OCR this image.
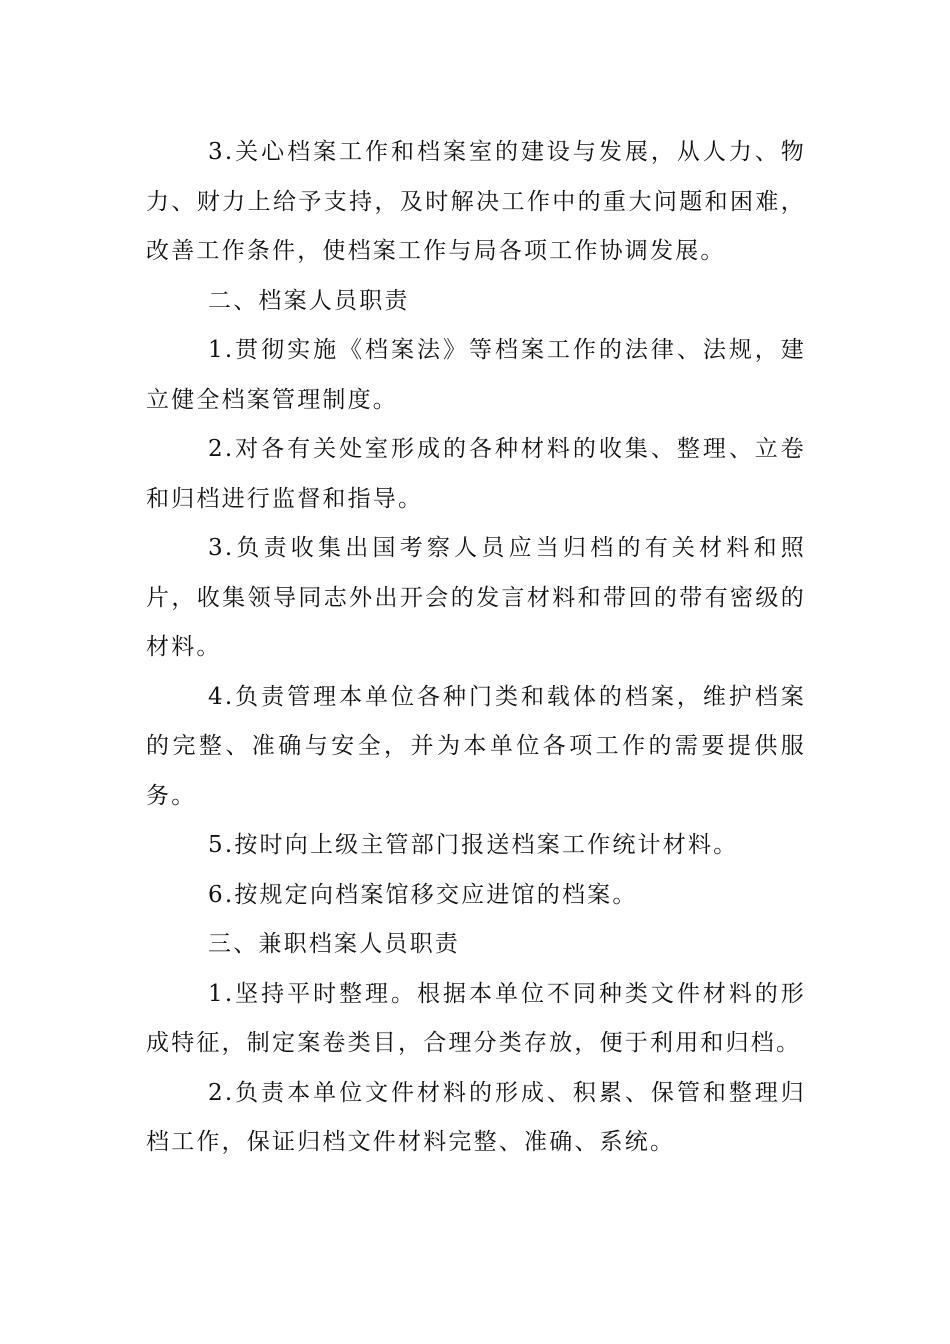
3.关心档案工作和档案室的建设与发展，从人力、物力、财力上给予支持，及时解决工作中的重大问题和困难，改善工作条件，使档案工作与局各项工作协调发展。

二、档案人员职责

1.贯彻实施《档案法》等档案工作的法律、法规，建立健全档案管理制度。

2.对各有关处室形成的各种材料的收集、整理、立卷和归档进行监督和指导。

3.负责收集出国考察人员应当归档的有关材料和照片，收集领导同志外出开会的发言材料和带回的带有密级的材料。

4.负责管理本单位各种门类和载体的档案，维护档案的完整、准确与安全，并为本单位各项工作的需要提供服务。

5.按时向上级主管部门报送档案工作统计材料。

6.按规定向档案馆移交应进馆的档案。

三、兼职档案人员职责

1.坚持平时整理。根据本单位不同种类文件材料的形成特征，制定案卷类目，合理分类存放，便于利用和归档。

2.负责本单位文件材料的形成、积累、保管和整理归档工作，保证归档文件材料完整、准确、系统。
